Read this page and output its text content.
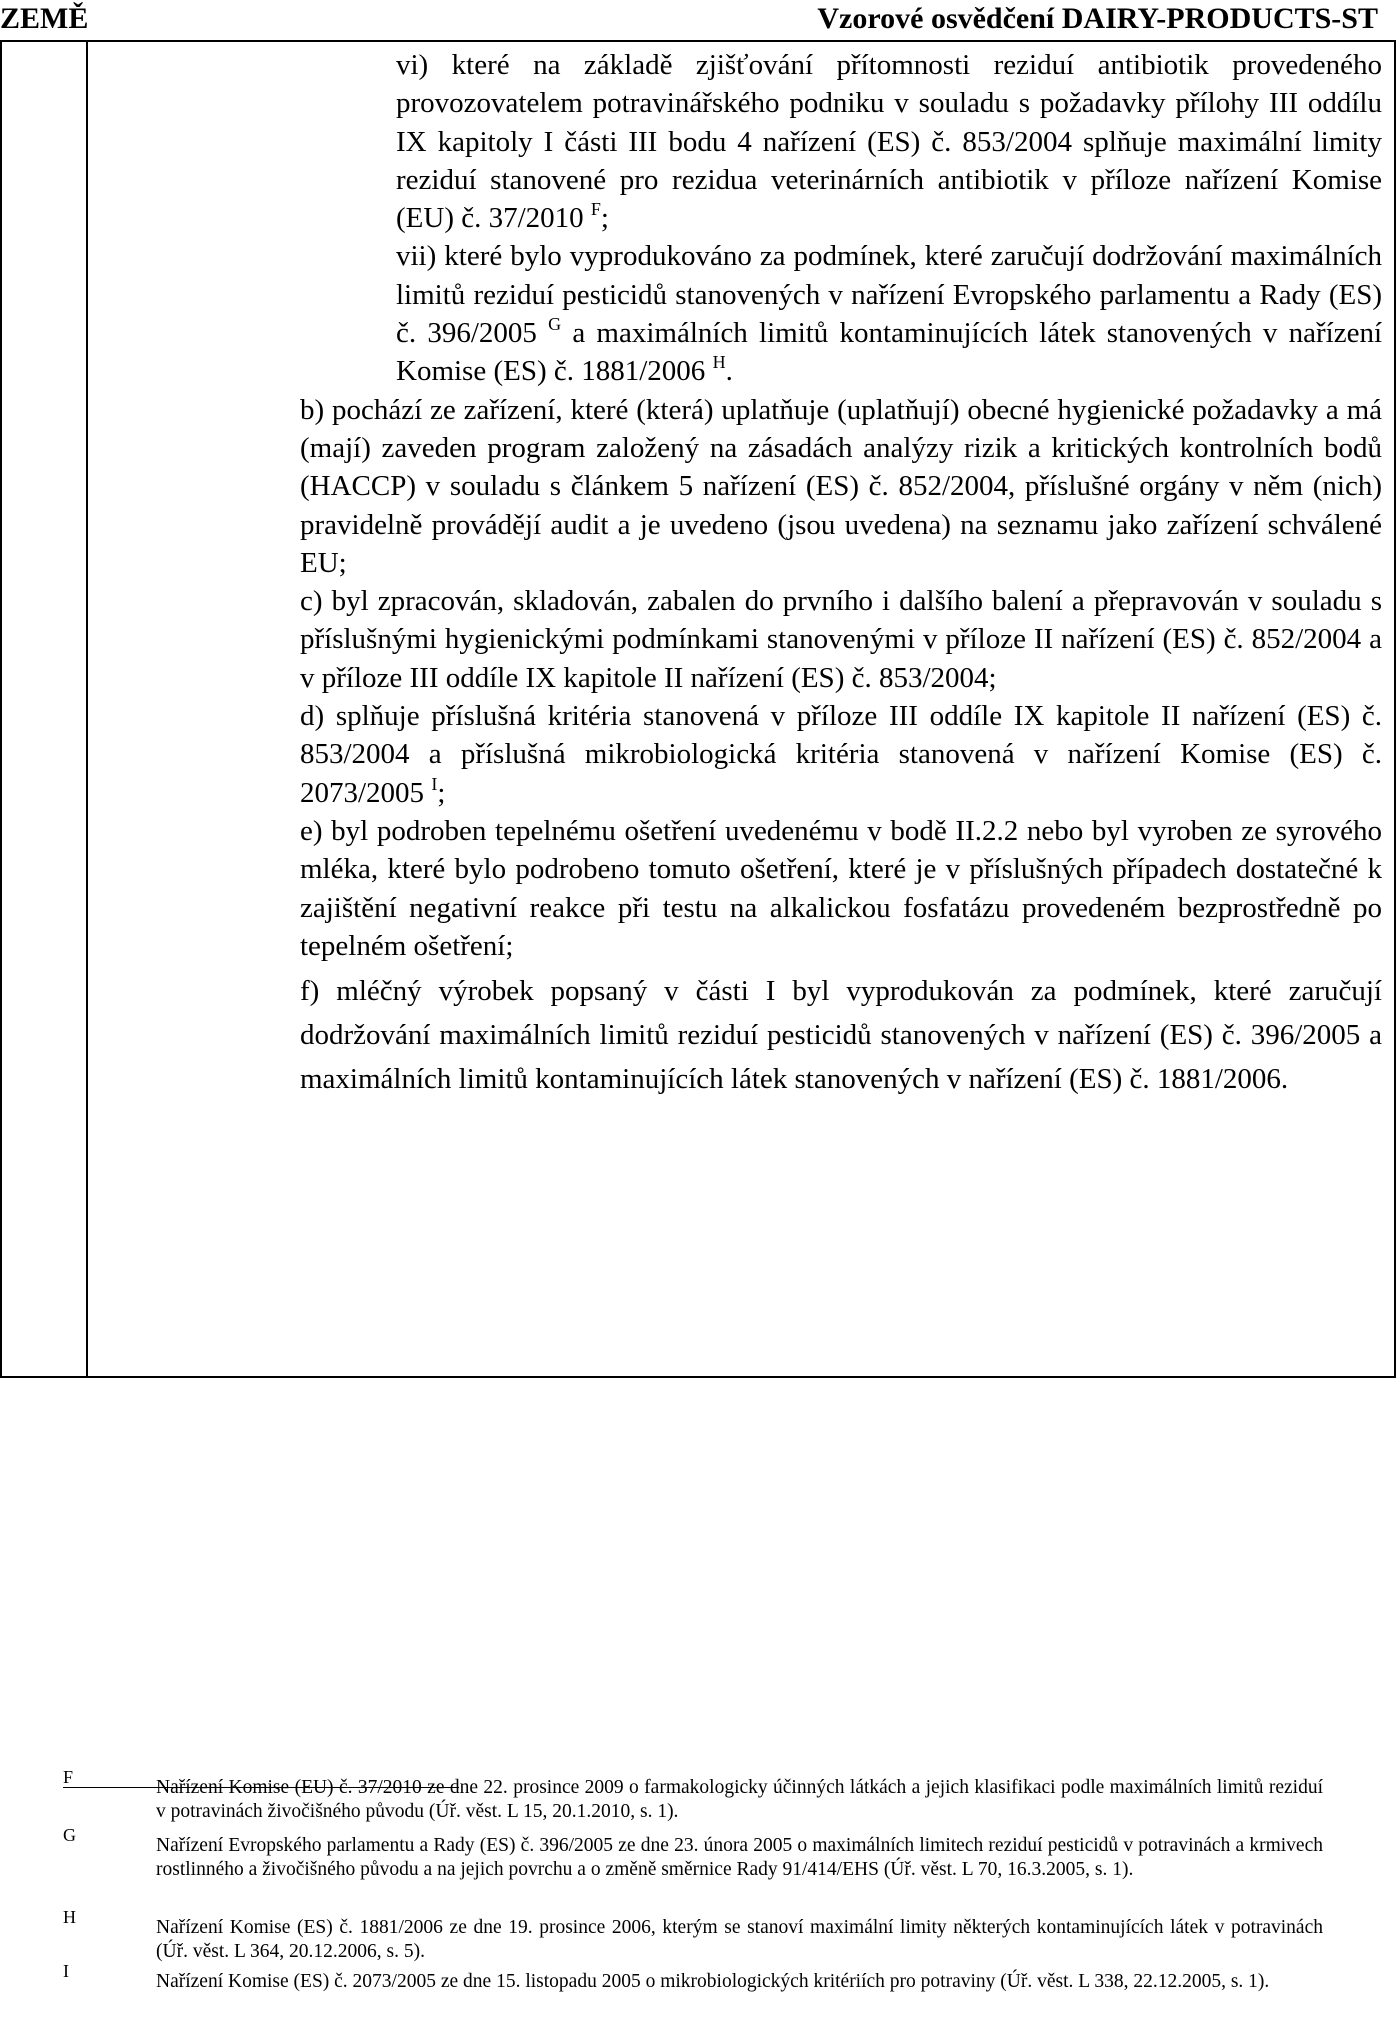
ZEMĚ	Vzorové osvědčení DAIRY-PRODUCTS-ST

vi) které na základě zjišťování přítomnosti reziduí antibiotik provedeného provozovatelem potravinářského podniku v souladu s požadavky přílohy III oddílu IX kapitoly I části III bodu 4 nařízení (ES) č. 853/2004 splňuje maximální limity reziduí stanovené pro rezidua veterinárních antibiotik v příloze nařízení Komise (EU) č. 37/2010 $^F$;

vii) které bylo vyprodukováno za podmínek, které zaručují dodržování maximálních limitů reziduí pesticidů stanovených v nařízení Evropského parlamentu a Rady (ES) č. 396/2005 $^G$ a maximálních limitů kontaminujících látek stanovených v nařízení Komise (ES) č. 1881/2006 $^H$.

b) pochází ze zařízení, které (která) uplatňuje (uplatňují) obecné hygienické požadavky a má (mají) zaveden program založený na zásadách analýzy rizik a kritických kontrolních bodů (HACCP) v souladu s článkem 5 nařízení (ES) č. 852/2004, příslušné orgány v něm (nich) pravidelně provádějí audit a je uvedeno (jsou uvedena) na seznamu jako zařízení schválené EU;

c) byl zpracován, skladován, zabalen do prvního i dalšího balení a přepravován v souladu s příslušnými hygienickými podmínkami stanovenými v příloze II nařízení (ES) č. 852/2004 a v příloze III oddíle IX kapitole II nařízení (ES) č. 853/2004;

d) splňuje příslušná kritéria stanovená v příloze III oddíle IX kapitole II nařízení (ES) č. 853/2004 a příslušná mikrobiologická kritéria stanovená v nařízení Komise (ES) č. 2073/2005 $^I$;

e) byl podroben tepelnému ošetření uvedenému v bodě II.2.2 nebo byl vyroben ze syrového mléka, které bylo podrobeno tomuto ošetření, které je v příslušných případech dostatečné k zajištění negativní reakce při testu na alkalickou fosfatázu provedeném bezprostředně po tepelném ošetření;

f) mléčný výrobek popsaný v části I byl vyprodukován za podmínek, které zaručují dodržování maximálních limitů reziduí pesticidů stanovených v nařízení (ES) č. 396/2005 a maximálních limitů kontaminujících látek stanovených v nařízení (ES) č. 1881/2006.

F	Nařízení Komise (EU) č. 37/2010 ze dne 22. prosince 2009 o farmakologicky účinných látkách a jejich klasifikaci podle maximálních limitů reziduí v potravinách živočišného původu (Úř. věst. L 15, 20.1.2010, s. 1).
G	Nařízení Evropského parlamentu a Rady (ES) č. 396/2005 ze dne 23. února 2005 o maximálních limitech reziduí pesticidů v potravinách a krmivech rostlinného a živočišného původu a na jejich povrchu a o změně směrnice Rady 91/414/EHS (Úř. věst. L 70, 16.3.2005, s. 1).
H	Nařízení Komise (ES) č. 1881/2006 ze dne 19. prosince 2006, kterým se stanoví maximální limity některých kontaminujících látek v potravinách (Úř. věst. L 364, 20.12.2006, s. 5).
I	Nařízení Komise (ES) č. 2073/2005 ze dne 15. listopadu 2005 o mikrobiologických kritériích pro potraviny (Úř. věst. L 338, 22.12.2005, s. 1).
